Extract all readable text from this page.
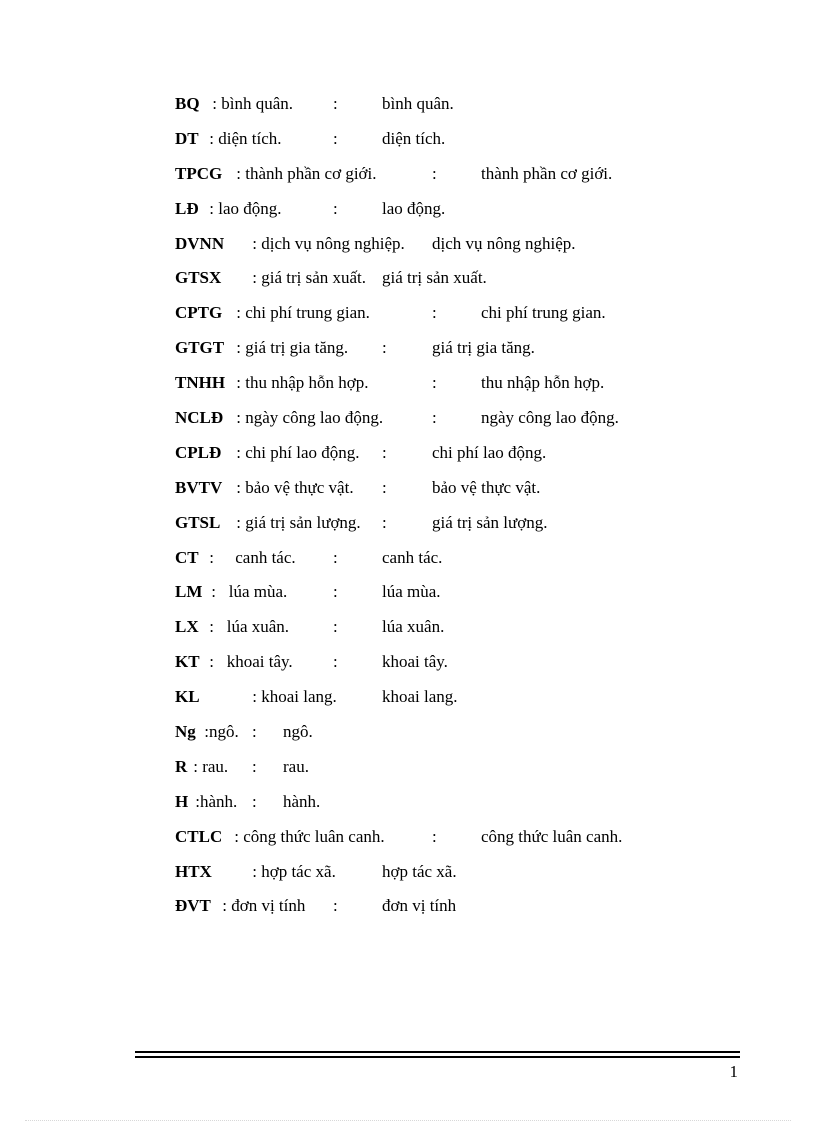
BQ : bình quân. :	bình quân.
DT : diện tích.	:	diện tích.
TPCG : thành phần cơ giới.	:	thành phần cơ giới.
LĐ : lao động.	:	lao động.
DVNN : dịch vụ nông nghiệp. dịch vụ nông nghiệp.
GTSX : giá trị sản xuất. giá trị sản xuất.
CPTG : chi phí trung gian.	:	chi phí trung gian.
GTGT : giá trị gia tăng. :	giá trị gia tăng.
TNHH : thu nhập hỗn hợp.	:	thu nhập hỗn hợp.
NCLĐ : ngày công lao động.	:	ngày công lao động.
CPLĐ : chi phí lao động. :	chi phí lao động.
BVTV : bảo vệ thực vật. :	bảo vệ thực vật.
GTSL : giá trị sản lượng. :	giá trị sản lượng.
CT :     canh tác. :	canh tác.
LM :   lúa mùa.	:	lúa mùa.
LX :   lúa xuân.	:	lúa xuân.
KT :   khoai tây. :	khoai tây.
KL	: khoai lang.	khoai lang.
Ng :ngô. : ngô.
R : rau. : rau.
H :hành. : hành.
CTLC : công thức luân canh.	:	công thức luân canh.
HTX : hợp tác xã.	hợp tác xã.
ĐVT : đơn vị tính :	đơn vị tính
1
